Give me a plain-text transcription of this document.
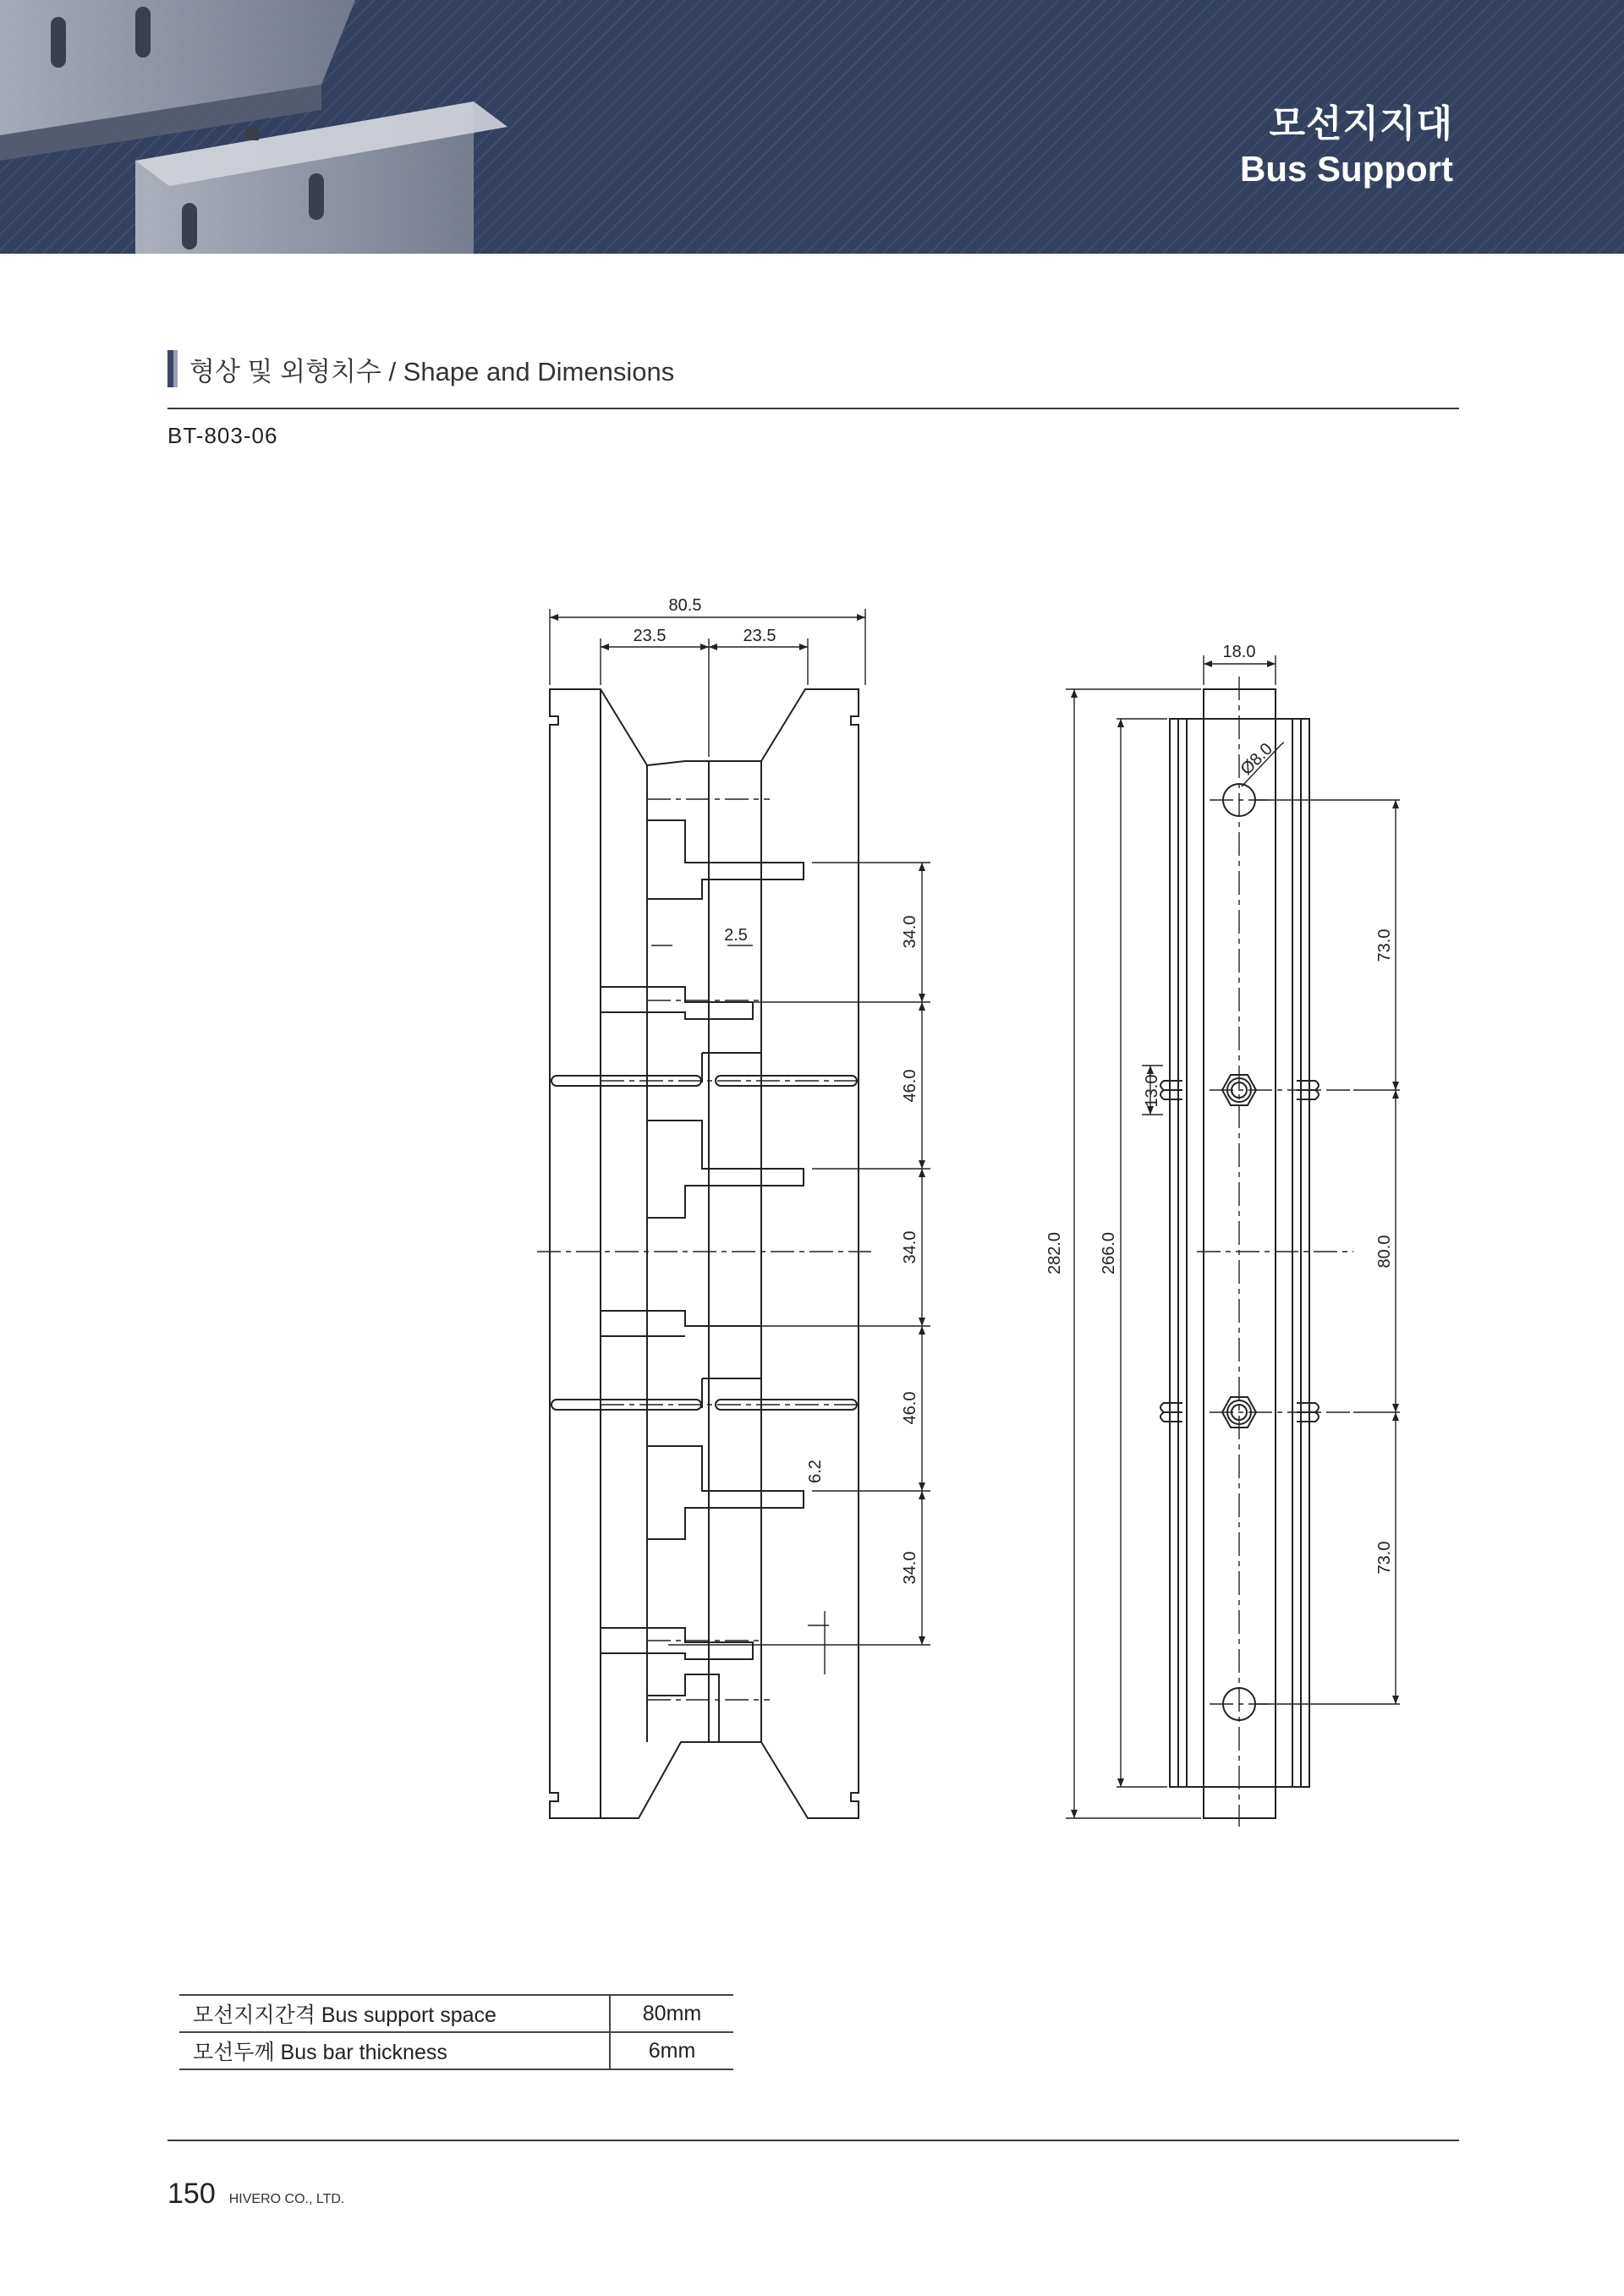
모선지지대
Bus Support
형상 및 외형치수 / Shape and Dimensions
BT-803-06
80.5
23.5	23.5
2.5
6.2
34.0
46.0
34.0
46.0
34.0
18.0
Ø8.0
282.0 266.0
13.0
73.0
80.0
73.0
모선지지간격 Bus support space	80mm
모선두께 Bus bar thickness	6mm
150 HIVERO CO., LTD.
